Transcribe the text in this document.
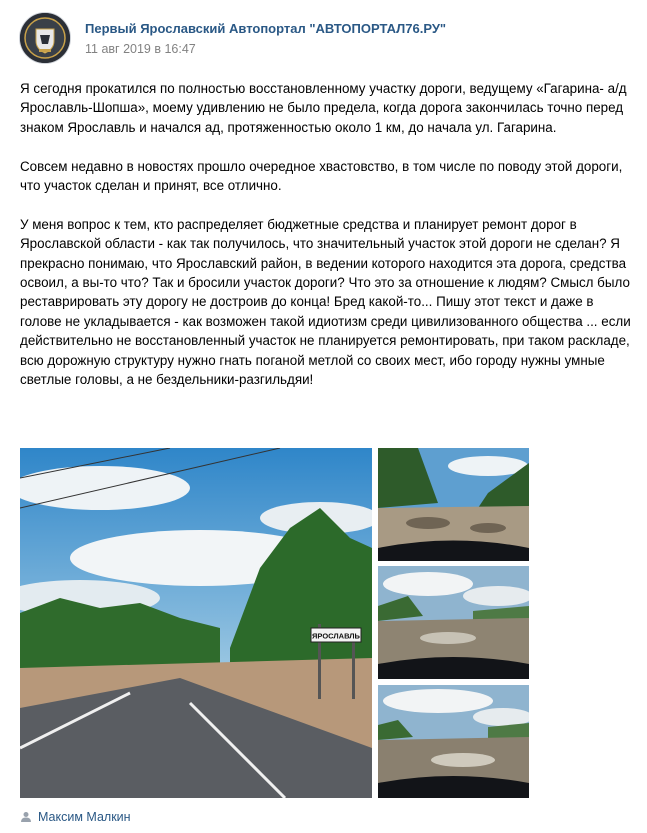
Первый Ярославский Автопортал "АВТОПОРТАЛ76.РУ"
11 авг 2019 в 16:47

Я сегодня прокатился по полностью восстановленному участку дороги, ведущему «Гагарина- а/д Ярославль-Шопша», моему удивлению не было предела, когда дорога закончилась точно перед знаком Ярославль и начался ад, протяженностью около 1 км, до начала ул. Гагарина.

Совсем недавно в новостях прошло очередное хвастовство, в том числе по поводу этой дороги, что участок сделан и принят, все отлично.

У меня вопрос к тем, кто распределяет бюджетные средства и планирует ремонт дорог в Ярославской области - как так получилось, что значительный участок этой дороги не сделан? Я прекрасно понимаю, что Ярославский район, в ведении которого находится эта дорога, средства освоил, а вы-то что? Так и бросили участок дороги? Что это за отношение к людям? Смысл было реставрировать эту дорогу не достроив до конца! Бред какой-то... Пишу этот текст и даже в голове не укладывается - как возможен такой идиотизм среди цивилизованного общества ... если действительно не восстановленный участок не планируется ремонтировать, при таком раскладе, всю дорожную структуру нужно гнать поганой метлой со своих мест, ибо городу нужны умные светлые головы, а не бездельники-разгильдяи!

ЯРОСЛАВЛЬ
Максим Малкин
